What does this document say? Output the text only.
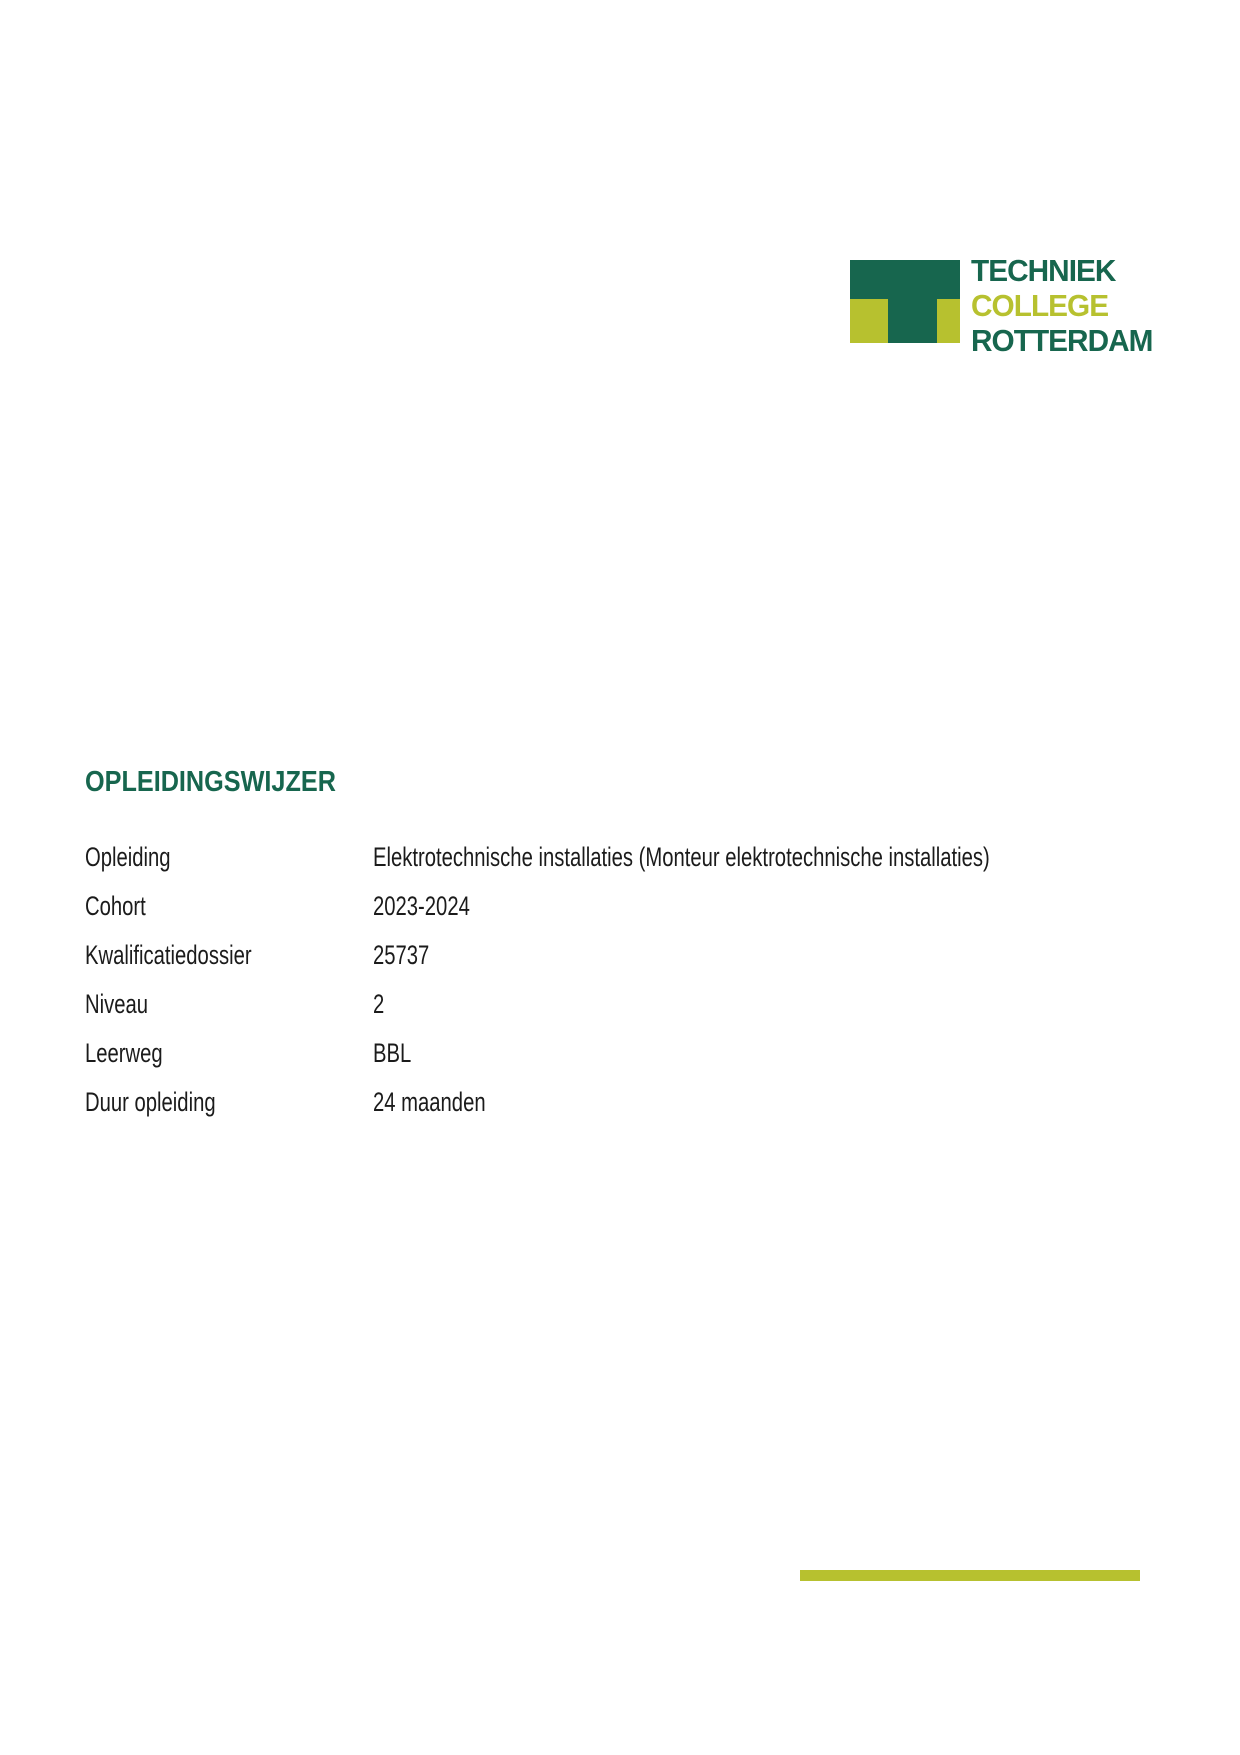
TECHNIEK
COLLEGE
ROTTERDAM
OPLEIDINGSWIJZER
Opleiding	Elektrotechnische installaties (Monteur elektrotechnische installaties)
Cohort	2023-2024
Kwalificatiedossier	25737
Niveau	2
Leerweg	BBL
Duur opleiding	24 maanden
